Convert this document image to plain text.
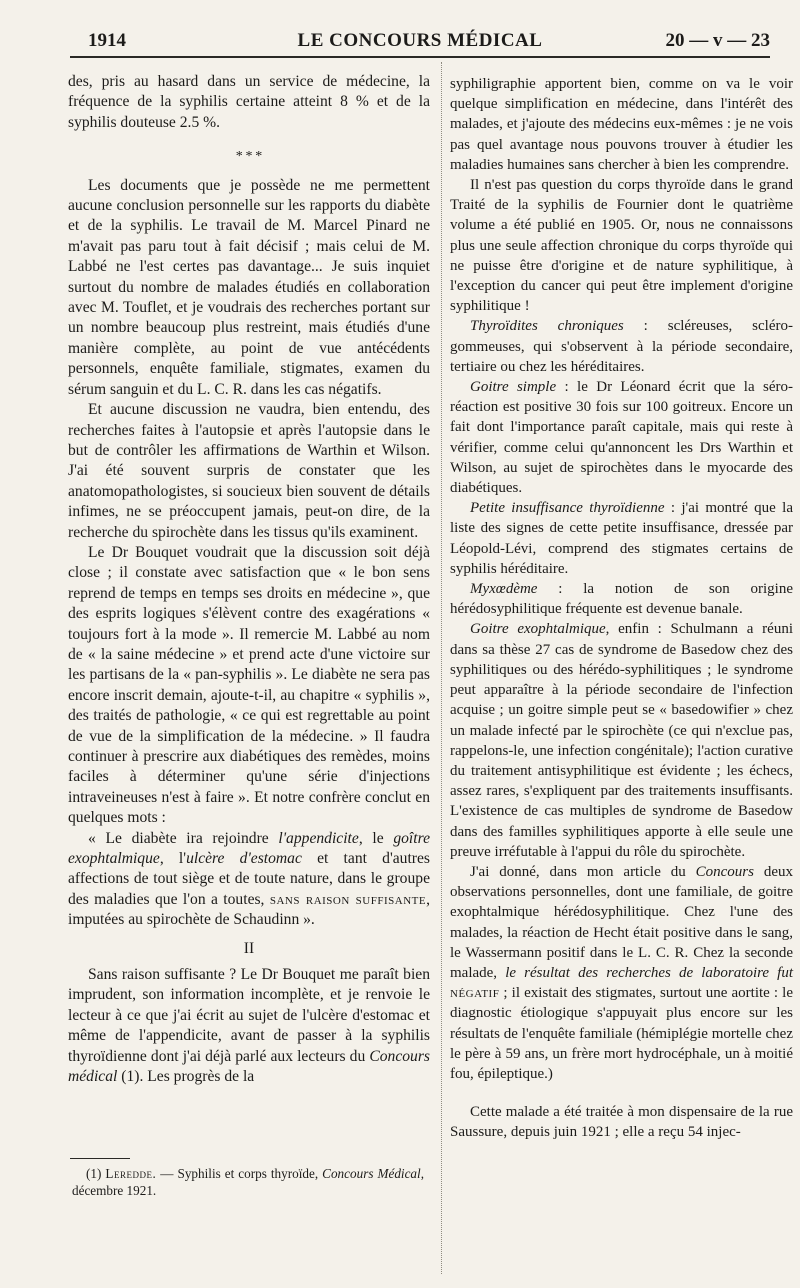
1914	LE CONCOURS MÉDICAL	20 — v — 23

des, pris au hasard dans un service de médecine, la fréquence de la syphilis certaine atteint 8 % et de la syphilis douteuse 2.5 %.

* * *

Les documents que je possède ne me permettent aucune conclusion personnelle sur les rapports du diabète et de la syphilis. Le travail de M. Marcel Pinard ne m'avait pas paru tout à fait décisif ; mais celui de M. Labbé ne l'est certes pas davantage... Je suis inquiet surtout du nombre de malades étudiés en collaboration avec M. Touflet, et je voudrais des recherches portant sur un nombre beaucoup plus restreint, mais étudiés d'une manière complète, au point de vue antécédents personnels, enquête familiale, stigmates, examen du sérum sanguin et du L. C. R. dans les cas négatifs.

Et aucune discussion ne vaudra, bien entendu, des recherches faites à l'autopsie et après l'autopsie dans le but de contrôler les affirmations de Warthin et Wilson. J'ai été souvent surpris de constater que les anatomopathologistes, si soucieux bien souvent de détails infimes, ne se préoccupent jamais, peut-on dire, de la recherche du spirochète dans les tissus qu'ils examinent.

Le Dr Bouquet voudrait que la discussion soit déjà close ; il constate avec satisfaction que « le bon sens reprend de temps en temps ses droits en médecine », que des esprits logiques s'élèvent contre des exagérations « toujours fort à la mode ». Il remercie M. Labbé au nom de « la saine médecine » et prend acte d'une victoire sur les partisans de la « pan-syphilis ». Le diabète ne sera pas encore inscrit demain, ajoute-t-il, au chapitre « syphilis », des traités de pathologie, « ce qui est regrettable au point de vue de la simplification de la médecine. » Il faudra continuer à prescrire aux diabétiques des remèdes, moins faciles à déterminer qu'une série d'injections intraveineuses n'est à faire ». Et notre confrère conclut en quelques mots :

« Le diabète ira rejoindre l'appendicite, le goître exophtalmique, l'ulcère d'estomac et tant d'autres affections de tout siège et de toute nature, dans le groupe des maladies que l'on a toutes, sans raison suffisante, imputées au spirochète de Schaudinn ».

II

Sans raison suffisante ? Le Dr Bouquet me paraît bien imprudent, son information incomplète, et je renvoie le lecteur à ce que j'ai écrit au sujet de l'ulcère d'estomac et même de l'appendicite, avant de passer à la syphilis thyroïdienne dont j'ai déjà parlé aux lecteurs du Concours médical (1). Les progrès de la

(1) Leredde. — Syphilis et corps thyroïde, Concours Médical, décembre 1921.

syphiligraphie apportent bien, comme on va le voir quelque simplification en médecine, dans l'intérêt des malades, et j'ajoute des médecins eux-mêmes : je ne vois pas quel avantage nous pouvons trouver à étudier les maladies humaines sans chercher à bien les comprendre.

Il n'est pas question du corps thyroïde dans le grand Traité de la syphilis de Fournier dont le quatrième volume a été publié en 1905. Or, nous ne connaissons plus une seule affection chronique du corps thyroïde qui ne puisse être d'origine et de nature syphilitique, à l'exception du cancer qui peut être implement d'origine syphilitique !

Thyroïdites chroniques : scléreuses, scléro-gommeuses, qui s'observent à la période secondaire, tertiaire ou chez les héréditaires.

Goitre simple : le Dr Léonard écrit que la séro-réaction est positive 30 fois sur 100 goitreux. Encore un fait dont l'importance paraît capitale, mais qui reste à vérifier, comme celui qu'annoncent les Drs Warthin et Wilson, au sujet de spirochètes dans le myocarde des diabétiques.

Petite insuffisance thyroïdienne : j'ai montré que la liste des signes de cette petite insuffisance, dressée par Léopold-Lévi, comprend des stigmates certains de syphilis héréditaire.

Myxœdème : la notion de son origine hérédosyphilitique fréquente est devenue banale.

Goitre exophtalmique, enfin : Schulmann a réuni dans sa thèse 27 cas de syndrome de Basedow chez des syphilitiques ou des hérédo-syphilitiques ; le syndrome peut apparaître à la période secondaire de l'infection acquise ; un goitre simple peut se « basedowifier » chez un malade infecté par le spirochète (ce qui n'exclue pas, rappelons-le, une infection congénitale); l'action curative du traitement antisyphilitique est évidente ; les échecs, assez rares, s'expliquent par des traitements insuffisants. L'existence de cas multiples de syndrome de Basedow dans des familles syphilitiques apporte à elle seule une preuve irréfutable à l'appui du rôle du spirochète.

J'ai donné, dans mon article du Concours deux observations personnelles, dont une familiale, de goitre exophtalmique hérédosyphilitique. Chez l'une des malades, la réaction de Hecht était positive dans le sang, le Wassermann positif dans le L. C. R. Chez la seconde malade, le résultat des recherches de laboratoire fut négatif ; il existait des stigmates, surtout une aortite : le diagnostic étiologique s'appuyait plus encore sur les résultats de l'enquête familiale (hémiplégie mortelle chez le père à 59 ans, un frère mort hydrocéphale, un à moitié fou, épileptique.)

Cette malade a été traitée à mon dispensaire de la rue Saussure, depuis juin 1921 ; elle a reçu 54 injec-
